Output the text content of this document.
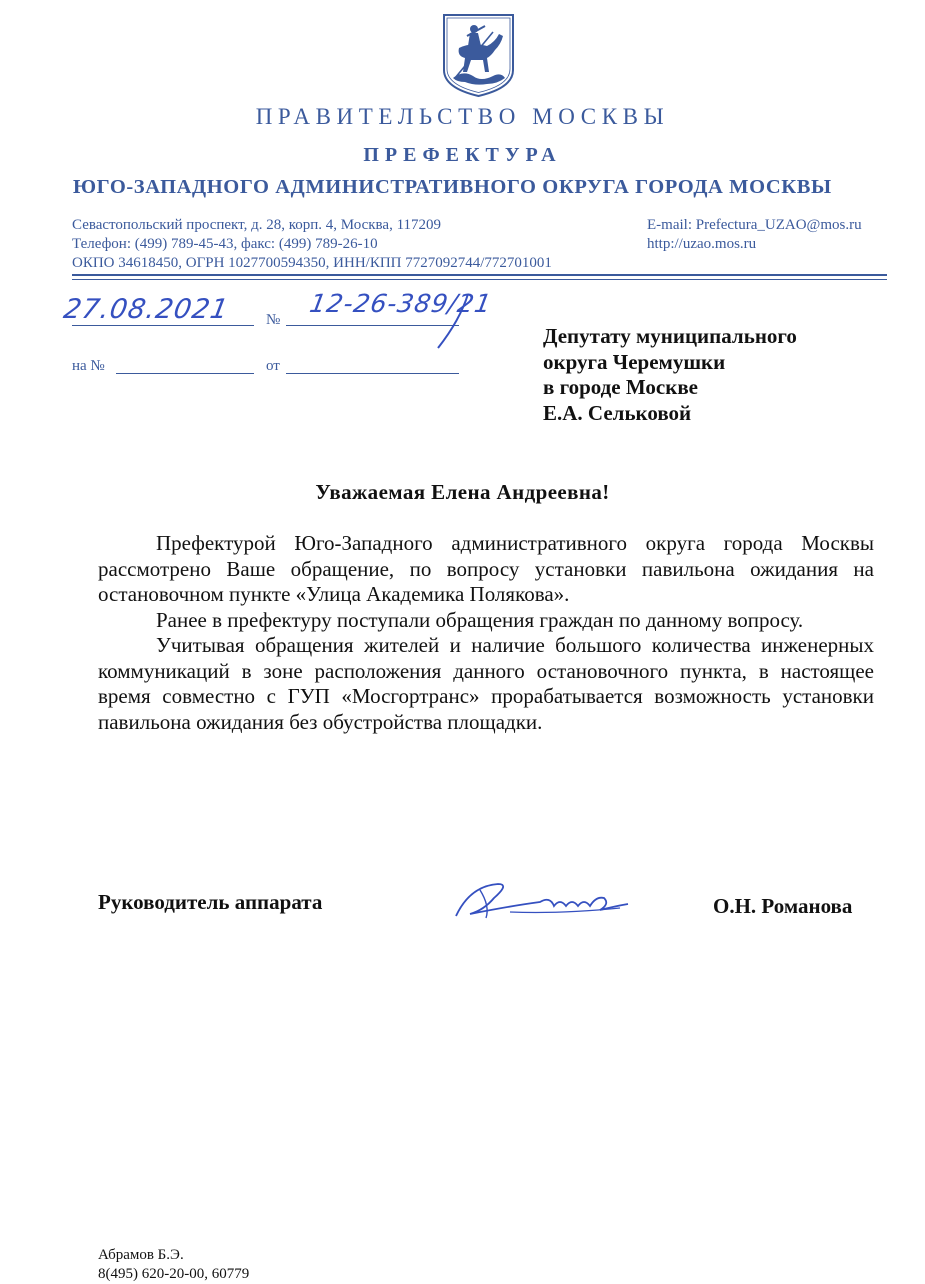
ПРАВИТЕЛЬСТВО МОСКВЫ
ПРЕФЕКТУРА
ЮГО-ЗАПАДНОГО АДМИНИСТРАТИВНОГО ОКРУГА ГОРОДА МОСКВЫ
Севастопольский проспект, д. 28, корп. 4, Москва, 117209
Телефон: (499) 789-45-43, факс: (499) 789-26-10
ОКПО 34618450, ОГРН 1027700594350, ИНН/КПП 7727092744/772701001
E-mail: Prefectura_UZAO@mos.ru
http://uzao.mos.ru
№
27.08.2021	12-26-389/21
на №	от
Депутату муниципального
округа Черемушки
в городе Москве
Е.А. Сельковой
Уважаемая Елена Андреевна!

Префектурой Юго-Западного административного округа города Москвы рассмотрено Ваше обращение, по вопросу установки павильона ожидания на остановочном пункте «Улица Академика Полякова».

Ранее в префектуру поступали обращения граждан по данному вопросу.

Учитывая обращения жителей и наличие большого количества инженерных коммуникаций в зоне расположения данного остановочного пункта, в настоящее время совместно с ГУП «Мосгортранс» прорабатывается возможность установки павильона ожидания без обустройства площадки.

Руководитель аппарата	О.Н. Романова
Абрамов Б.Э.
8(495) 620-20-00, 60779
